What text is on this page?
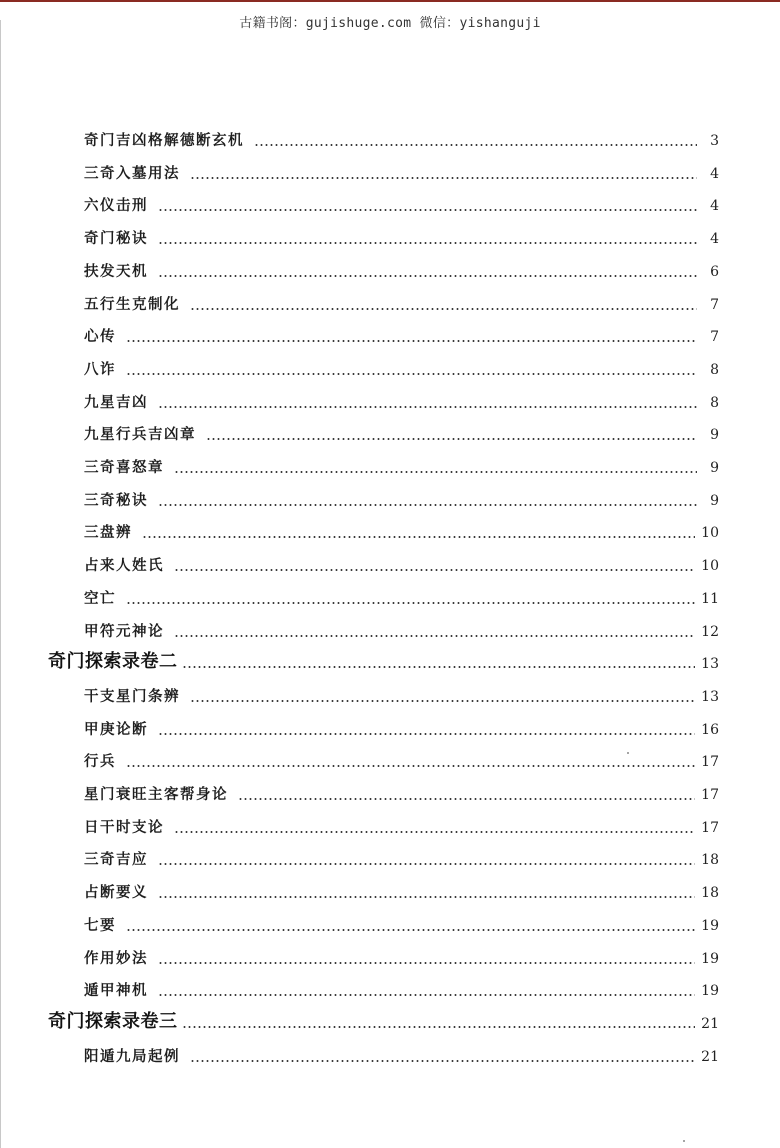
古籍书阁：gujishuge.com 微信：yishanguji
奇门吉凶格解德断玄机	3
三奇入墓用法	4
六仪击刑	4
奇门秘诀	4
扶发天机	6
五行生克制化	7
心传	7
八诈	8
九星吉凶	8
九星行兵吉凶章	9
三奇喜怒章	9
三奇秘诀	9
三盘辨	10
占来人姓氏	10
空亡	11
甲符元神论	12
奇门探索录卷二	13
干支星门条辨	13
甲庚论断	16
行兵	17
星门衰旺主客帮身论	17
日干时支论	17
三奇吉应	18
占断要义	18
七要	19
作用妙法	19
遁甲神机	19
奇门探索录卷三	21
阳遁九局起例	21
